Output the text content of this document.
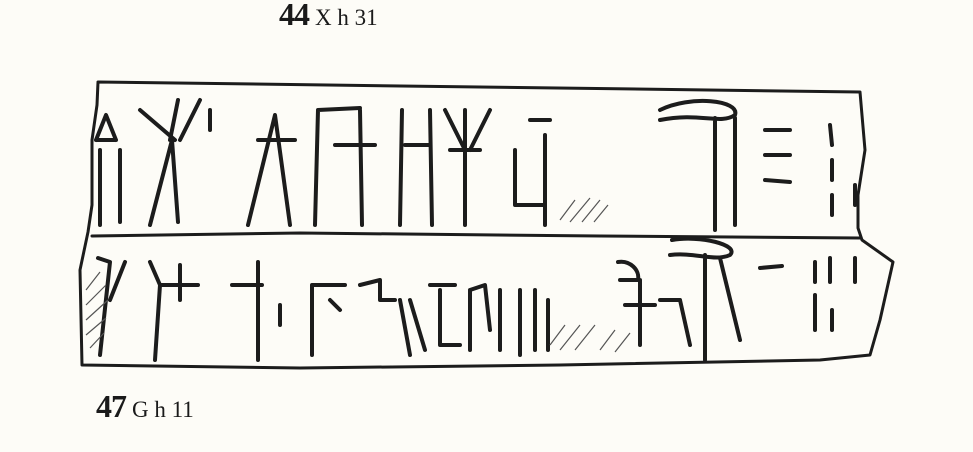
44 X h 31
47 G h 11
